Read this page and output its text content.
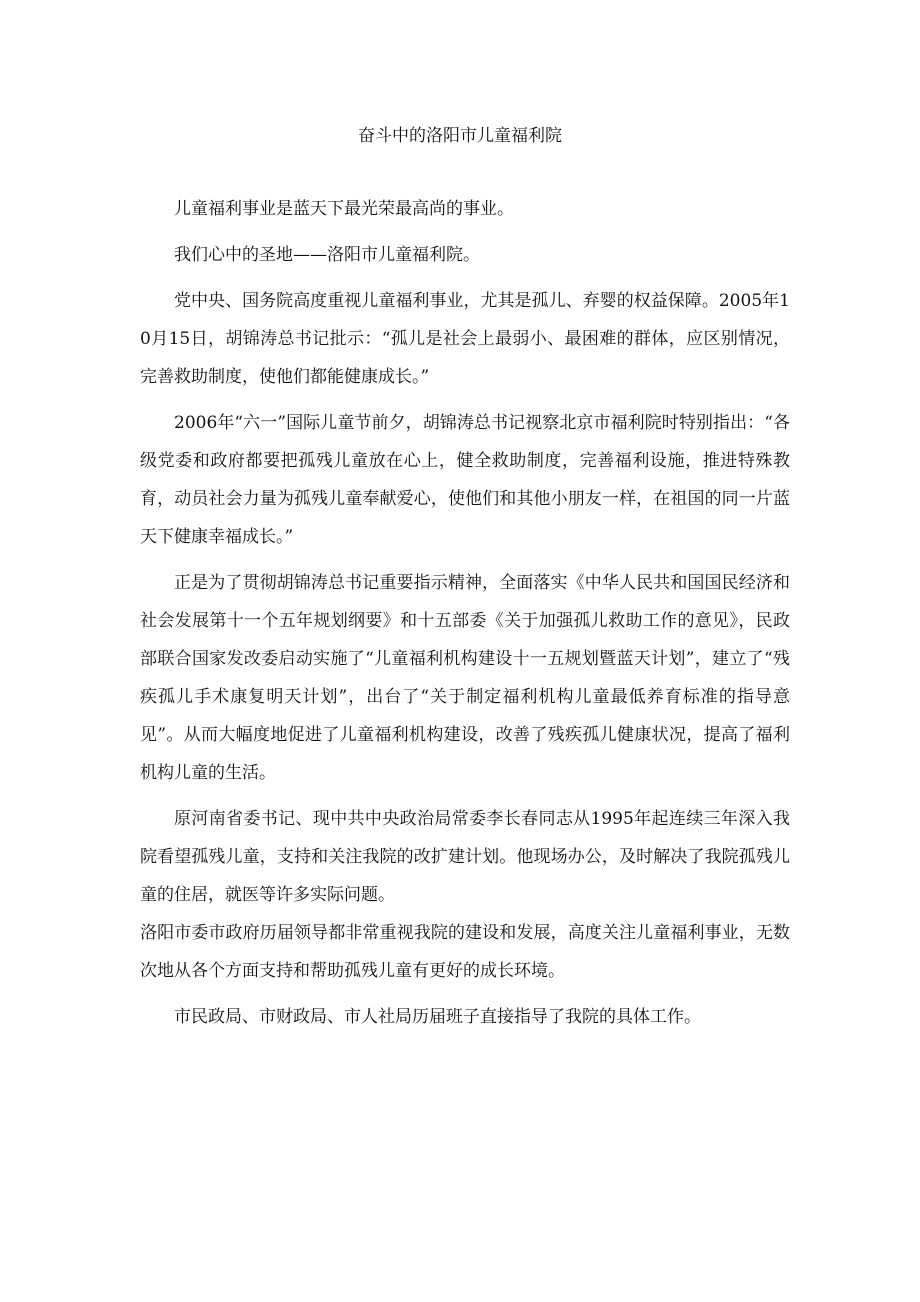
奋斗中的洛阳市儿童福利院

儿童福利事业是蓝天下最光荣最高尚的事业。

我们心中的圣地——洛阳市儿童福利院。

党中央、国务院高度重视儿童福利事业，尤其是孤儿、弃婴的权益保障。2005年10月15日，胡锦涛总书记批示：“孤儿是社会上最弱小、最困难的群体，应区别情况，完善救助制度，使他们都能健康成长。”

2006年“六一”国际儿童节前夕，胡锦涛总书记视察北京市福利院时特别指出：“各级党委和政府都要把孤残儿童放在心上，健全救助制度，完善福利设施，推进特殊教育，动员社会力量为孤残儿童奉献爱心，使他们和其他小朋友一样，在祖国的同一片蓝天下健康幸福成长。”

正是为了贯彻胡锦涛总书记重要指示精神，全面落实《中华人民共和国国民经济和社会发展第十一个五年规划纲要》和十五部委《关于加强孤儿救助工作的意见》，民政部联合国家发改委启动实施了“儿童福利机构建设十一五规划暨蓝天计划”，建立了“残疾孤儿手术康复明天计划”，出台了“关于制定福利机构儿童最低养育标准的指导意见”。从而大幅度地促进了儿童福利机构建设，改善了残疾孤儿健康状况，提高了福利机构儿童的生活。

原河南省委书记、现中共中央政治局常委李长春同志从1995年起连续三年深入我院看望孤残儿童，支持和关注我院的改扩建计划。他现场办公，及时解决了我院孤残儿童的住居，就医等许多实际问题。

洛阳市委市政府历届领导都非常重视我院的建设和发展，高度关注儿童福利事业，无数次地从各个方面支持和帮助孤残儿童有更好的成长环境。

市民政局、市财政局、市人社局历届班子直接指导了我院的具体工作。
